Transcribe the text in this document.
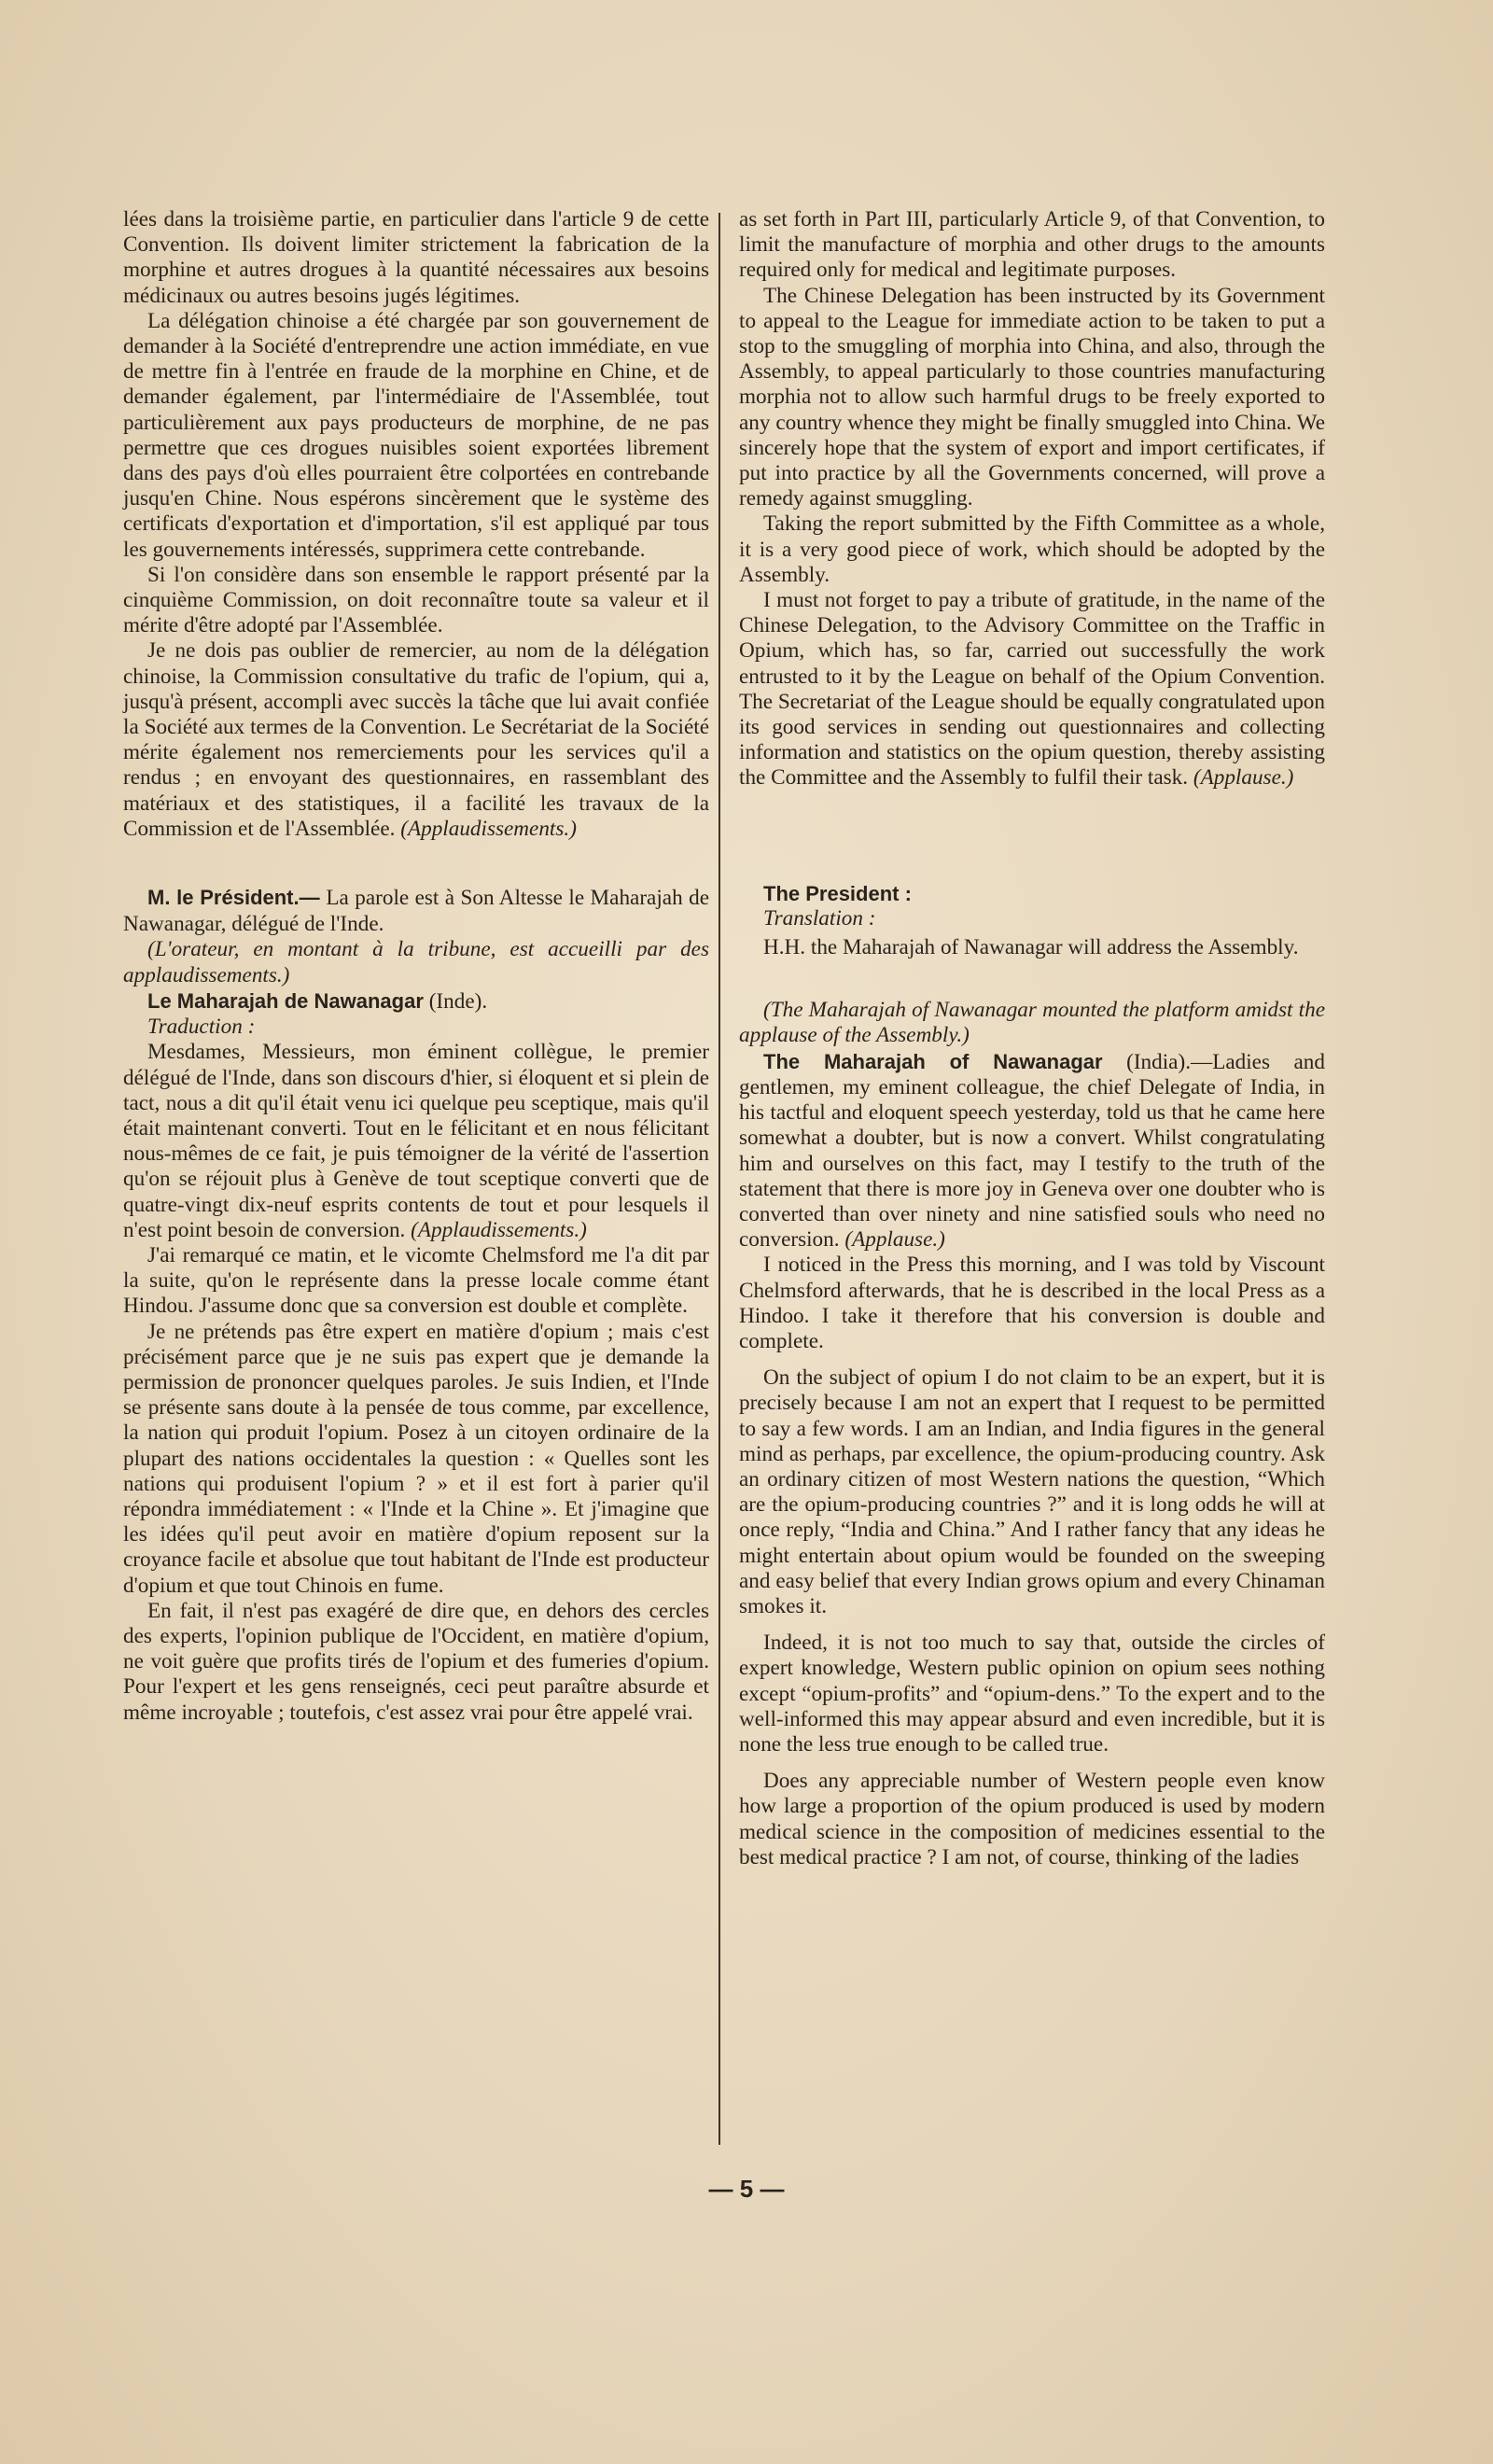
lées dans la troisième partie, en particulier dans l'article 9 de cette Convention. Ils doivent limiter strictement la fabrication de la morphine et autres drogues à la quantité nécessaires aux besoins médicinaux ou autres besoins jugés légitimes.

La délégation chinoise a été chargée par son gouvernement de demander à la Société d'entreprendre une action immédiate, en vue de mettre fin à l'entrée en fraude de la morphine en Chine, et de demander également, par l'intermédiaire de l'Assemblée, tout particulièrement aux pays producteurs de morphine, de ne pas permettre que ces drogues nuisibles soient exportées librement dans des pays d'où elles pourraient être colportées en contrebande jusqu'en Chine. Nous espérons sincèrement que le système des certificats d'exportation et d'importation, s'il est appliqué par tous les gouvernements intéressés, supprimera cette contrebande.

Si l'on considère dans son ensemble le rapport présenté par la cinquième Commission, on doit reconnaître toute sa valeur et il mérite d'être adopté par l'Assemblée.

Je ne dois pas oublier de remercier, au nom de la délégation chinoise, la Commission consultative du trafic de l'opium, qui a, jusqu'à présent, accompli avec succès la tâche que lui avait confiée la Société aux termes de la Convention. Le Secrétariat de la Société mérite également nos remerciements pour les services qu'il a rendus ; en envoyant des questionnaires, en rassemblant des matériaux et des statistiques, il a facilité les travaux de la Commission et de l'Assemblée. (Applaudissements.)

M. le Président.— La parole est à Son Altesse le Maharajah de Nawanagar, délégué de l'Inde.

(L'orateur, en montant à la tribune, est accueilli par des applaudissements.)

Le Maharajah de Nawanagar (Inde).

Traduction :

Mesdames, Messieurs, mon éminent collègue, le premier délégué de l'Inde, dans son discours d'hier, si éloquent et si plein de tact, nous a dit qu'il était venu ici quelque peu sceptique, mais qu'il était maintenant converti. Tout en le félicitant et en nous félicitant nous-mêmes de ce fait, je puis témoigner de la vérité de l'assertion qu'on se réjouit plus à Genève de tout sceptique converti que de quatre-vingt dix-neuf esprits contents de tout et pour lesquels il n'est point besoin de conversion. (Applaudissements.)

J'ai remarqué ce matin, et le vicomte Chelmsford me l'a dit par la suite, qu'on le représente dans la presse locale comme étant Hindou. J'assume donc que sa conversion est double et complète.

Je ne prétends pas être expert en matière d'opium ; mais c'est précisément parce que je ne suis pas expert que je demande la permission de prononcer quelques paroles. Je suis Indien, et l'Inde se présente sans doute à la pensée de tous comme, par excellence, la nation qui produit l'opium. Posez à un citoyen ordinaire de la plupart des nations occidentales la question : « Quelles sont les nations qui produisent l'opium ? » et il est fort à parier qu'il répondra immédiatement : « l'Inde et la Chine ». Et j'imagine que les idées qu'il peut avoir en matière d'opium reposent sur la croyance facile et absolue que tout habitant de l'Inde est producteur d'opium et que tout Chinois en fume.

En fait, il n'est pas exagéré de dire que, en dehors des cercles des experts, l'opinion publique de l'Occident, en matière d'opium, ne voit guère que profits tirés de l'opium et des fumeries d'opium. Pour l'expert et les gens renseignés, ceci peut paraître absurde et même incroyable ; toutefois, c'est assez vrai pour être appelé vrai.

as set forth in Part III, particularly Article 9, of that Convention, to limit the manufacture of morphia and other drugs to the amounts required only for medical and legitimate purposes.

The Chinese Delegation has been instructed by its Government to appeal to the League for immediate action to be taken to put a stop to the smuggling of morphia into China, and also, through the Assembly, to appeal particularly to those countries manufacturing morphia not to allow such harmful drugs to be freely exported to any country whence they might be finally smuggled into China. We sincerely hope that the system of export and import certificates, if put into practice by all the Governments concerned, will prove a remedy against smuggling.

Taking the report submitted by the Fifth Committee as a whole, it is a very good piece of work, which should be adopted by the Assembly.

I must not forget to pay a tribute of gratitude, in the name of the Chinese Delegation, to the Advisory Committee on the Traffic in Opium, which has, so far, carried out successfully the work entrusted to it by the League on behalf of the Opium Convention. The Secretariat of the League should be equally congratulated upon its good services in sending out questionnaires and collecting information and statistics on the opium question, thereby assisting the Committee and the Assembly to fulfil their task. (Applause.)

The President :

Translation :

H.H. the Maharajah of Nawanagar will address the Assembly.

(The Maharajah of Nawanagar mounted the platform amidst the applause of the Assembly.)

The Maharajah of Nawanagar (India).—Ladies and gentlemen, my eminent colleague, the chief Delegate of India, in his tactful and eloquent speech yesterday, told us that he came here somewhat a doubter, but is now a convert. Whilst congratulating him and ourselves on this fact, may I testify to the truth of the statement that there is more joy in Geneva over one doubter who is converted than over ninety and nine satisfied souls who need no conversion. (Applause.)

I noticed in the Press this morning, and I was told by Viscount Chelmsford afterwards, that he is described in the local Press as a Hindoo. I take it therefore that his conversion is double and complete.

On the subject of opium I do not claim to be an expert, but it is precisely because I am not an expert that I request to be permitted to say a few words. I am an Indian, and India figures in the general mind as perhaps, par excellence, the opium-producing country. Ask an ordinary citizen of most Western nations the question, “Which are the opium-producing countries ?” and it is long odds he will at once reply, “India and China.” And I rather fancy that any ideas he might entertain about opium would be founded on the sweeping and easy belief that every Indian grows opium and every Chinaman smokes it.

Indeed, it is not too much to say that, outside the circles of expert knowledge, Western public opinion on opium sees nothing except “opium-profits” and “opium-dens.” To the expert and to the well-informed this may appear absurd and even incredible, but it is none the less true enough to be called true.

Does any appreciable number of Western people even know how large a proportion of the opium produced is used by modern medical science in the composition of medicines essential to the best medical practice ? I am not, of course, thinking of the ladies

— 5 —
